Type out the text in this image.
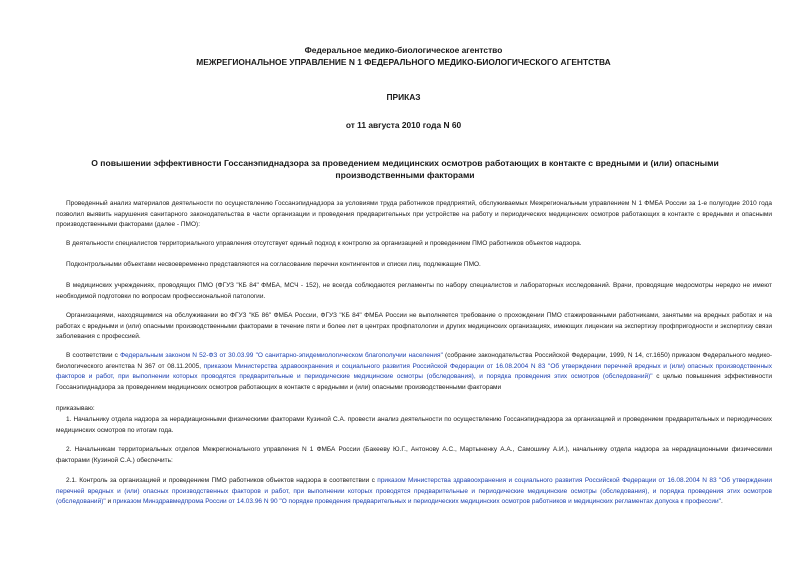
Федеральное медико-биологическое агентство
МЕЖРЕГИОНАЛЬНОЕ УПРАВЛЕНИЕ N 1 ФЕДЕРАЛЬНОГО МЕДИКО-БИОЛОГИЧЕСКОГО АГЕНТСТВА
ПРИКАЗ
от 11 августа 2010 года N 60
О повышении эффективности Госсанэпиднадзора за проведением медицинских осмотров работающих в контакте с вредными и (или) опасными производственными факторами

Проведенный анализ материалов деятельности по осуществлению Госсанэпиднадзора за условиями труда работников предприятий, обслуживаемых Межрегиональным управлением N 1 ФМБА России за 1-е полугодие 2010 года позволил выявить нарушения санитарного законодательства в части организации и проведения предварительных при устройстве на работу и периодических медицинских осмотров работающих в контакте с вредными и опасными производственными факторами (далее - ПМО):

В деятельности специалистов территориального управления отсутствует единый подход к контролю за организацией и проведением ПМО работников объектов надзора.

Подконтрольными объектами несвоевременно представляются на согласование перечни контингентов и списки лиц, подлежащие ПМО.

В медицинских учреждениях, проводящих ПМО (ФГУЗ "КБ 84" ФМБА, МСЧ - 152), не всегда соблюдаются регламенты по набору специалистов и лабораторных исследований. Врачи, проводящие медосмотры нередко не имеют необходимой подготовки по вопросам профессиональной патологии.

Организациями, находящимися на обслуживании во ФГУЗ "КБ 86" ФМБА России, ФГУЗ "КБ 84" ФМБА России не выполняется требование о прохождении ПМО стажированными работниками, занятыми на вредных работах и на работах с вредными и (или) опасными производственными факторами в течение пяти и более лет в центрах профпатологии и других медицинских организациях, имеющих лицензии на экспертизу профпригодности и экспертизу связи заболевания с профессией.

В соответствии с Федеральным законом N 52-ФЗ от 30.03.99 "О санитарно-эпидемиологическом благополучии населения" (собрание законодательства Российской Федерации, 1999, N 14, ст.1650) приказом Федерального медико-биологического агентства N 367 от 08.11.2005, приказом Министерства здравоохранения и социального развития Российской Федерации от 16.08.2004 N 83 "Об утверждении перечней вредных и (или) опасных производственных факторов и работ, при выполнении которых проводятся предварительные и периодические медицинские осмотры (обследования), и порядка проведения этих осмотров (обследований)" с целью повышения эффективности Госсанэпиднадзора за проведением медицинских осмотров работающих в контакте с вредными и (или) опасными производственными факторами

приказываю:

1. Начальнику отдела надзора за нерадиационными физическими факторами Кузиной С.А. провести анализ деятельности по осуществлению Госсанэпиднадзора за организацией и проведением предварительных и периодических медицинских осмотров по итогам года.

2. Начальникам территориальных отделов Межрегионального управления N 1 ФМБА России (Бакееву Ю.Г., Антонову А.С., Мартыненку А.А., Самошину А.И.), начальнику отдела надзора за нерадиационными физическими факторами (Кузиной С.А.) обеспечить:

2.1. Контроль за организацией и проведением ПМО работников объектов надзора в соответствии с приказом Министерства здравоохранения и социального развития Российской Федерации от 16.08.2004 N 83 "Об утверждении перечней вредных и (или) опасных производственных факторов и работ, при выполнении которых проводятся предварительные и периодические медицинские осмотры (обследования), и порядка проведения этих осмотров (обследований)" и приказом Минздравмедпрома России от 14.03.96 N 90 "О порядке проведения предварительных и периодических медицинских осмотров работников и медицинских регламентах допуска к профессии".
